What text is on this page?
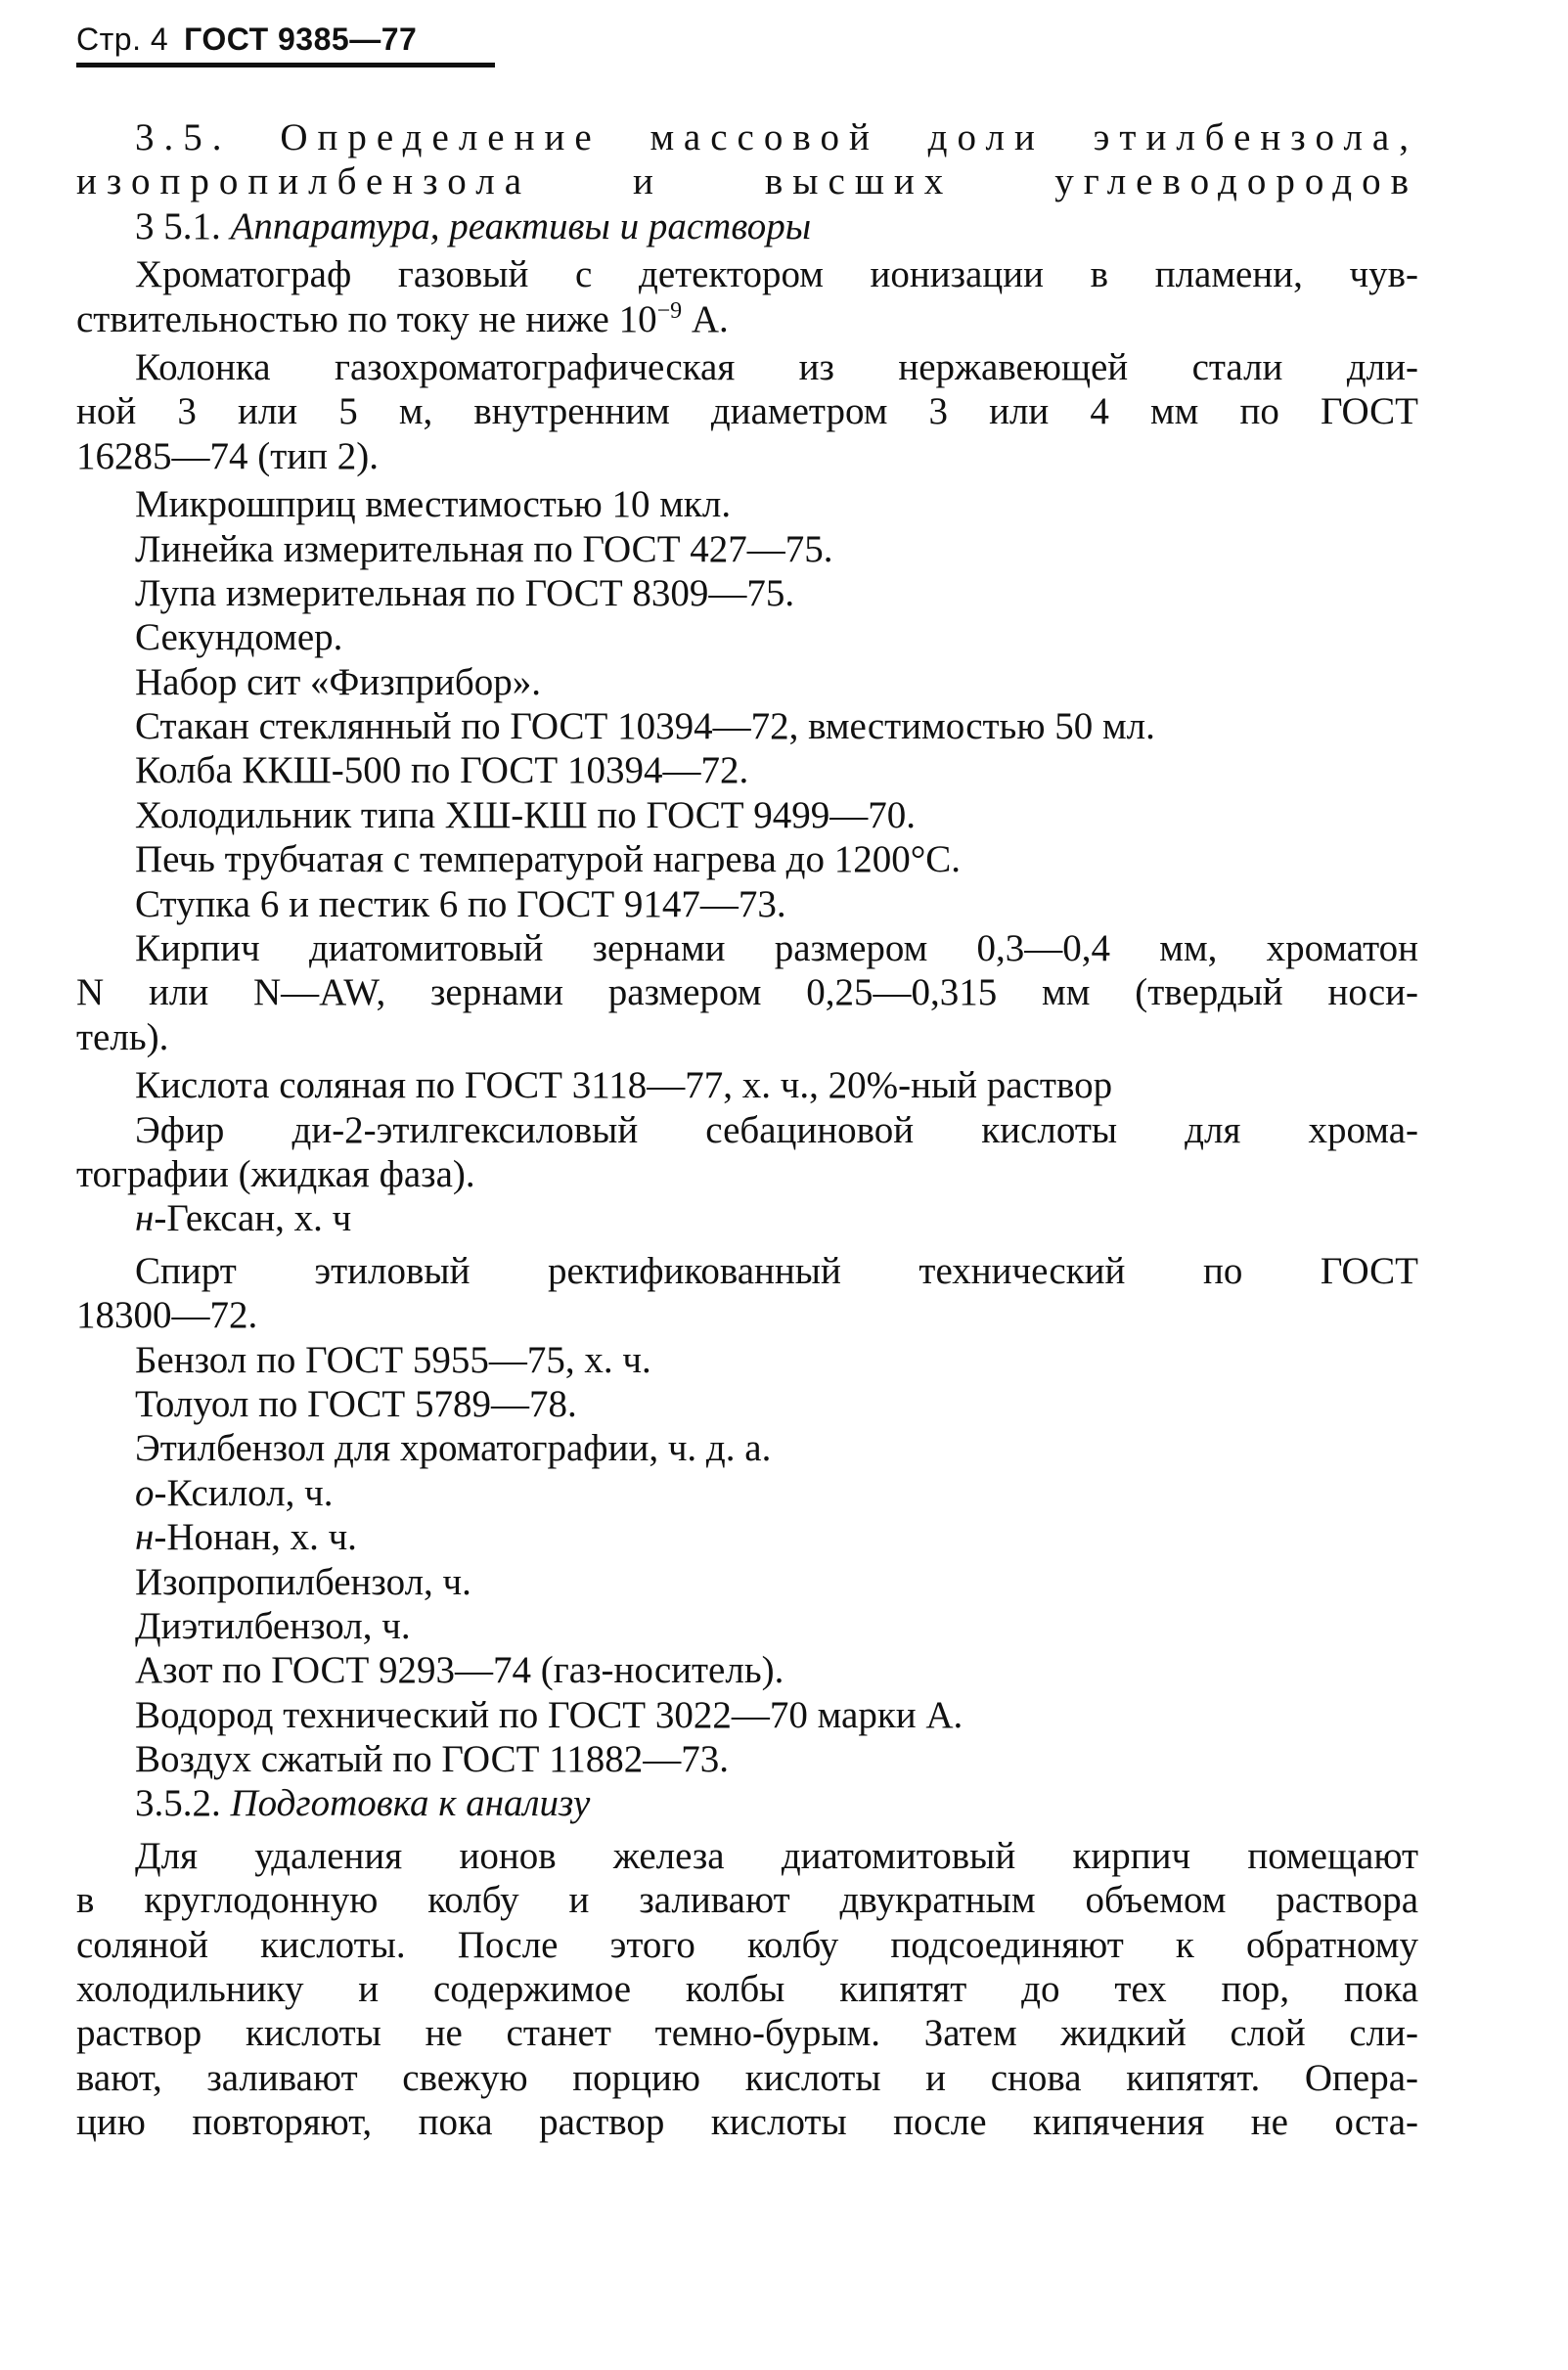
Стр. 4 ГОСТ 9385—77
3.5. Определение массовой доли этилбензола,
изопропилбензола и высших углеводородов
3 5.1. Аппаратура, реактивы и растворы
Хроматограф газовый с детектором ионизации в пламени, чув-
ствительностью по току не ниже $10^{-9}$ А.
Колонка газохроматографическая из нержавеющей стали дли-
ной 3 или 5 м, внутренним диаметром 3 или 4 мм по ГОСТ
16285—74 (тип 2).
Микрошприц вместимостью 10 мкл.
Линейка измерительная по ГОСТ 427—75.
Лупа измерительная по ГОСТ 8309—75.
Секундомер.
Набор сит «Физприбор».
Стакан стеклянный по ГОСТ 10394—72, вместимостью 50 мл.
Колба ККШ-500 по ГОСТ 10394—72.
Холодильник типа ХШ-КШ по ГОСТ 9499—70.
Печь трубчатая с температурой нагрева до 1200°С.
Ступка 6 и пестик 6 по ГОСТ 9147—73.
Кирпич диатомитовый зернами размером 0,3—0,4 мм, хроматон
N или N—AW, зернами размером 0,25—0,315 мм (твердый носи-
тель).
Кислота соляная по ГОСТ 3118—77, х. ч., 20%-ный раствор
Эфир ди-2-этилгексиловый себациновой кислоты для хрома-
тографии (жидкая фаза).
н-Гексан, х. ч
Спирт этиловый ректификованный технический по ГОСТ
18300—72.
Бензол по ГОСТ 5955—75, х. ч.
Толуол по ГОСТ 5789—78.
Этилбензол для хроматографии, ч. д. а.
о-Ксилол, ч.
н-Нонан, х. ч.
Изопропилбензол, ч.
Диэтилбензол, ч.
Азот по ГОСТ 9293—74 (газ-носитель).
Водород технический по ГОСТ 3022—70 марки А.
Воздух сжатый по ГОСТ 11882—73.
3.5.2. Подготовка к анализу
Для удаления ионов железа диатомитовый кирпич помещают
в круглодонную колбу и заливают двукратным объемом раствора
соляной кислоты. После этого колбу подсоединяют к обратному
холодильнику и содержимое колбы кипятят до тех пор, пока
раствор кислоты не станет темно-бурым. Затем жидкий слой сли-
вают, заливают свежую порцию кислоты и снова кипятят. Опера-
цию повторяют, пока раствор кислоты после кипячения не оста-
